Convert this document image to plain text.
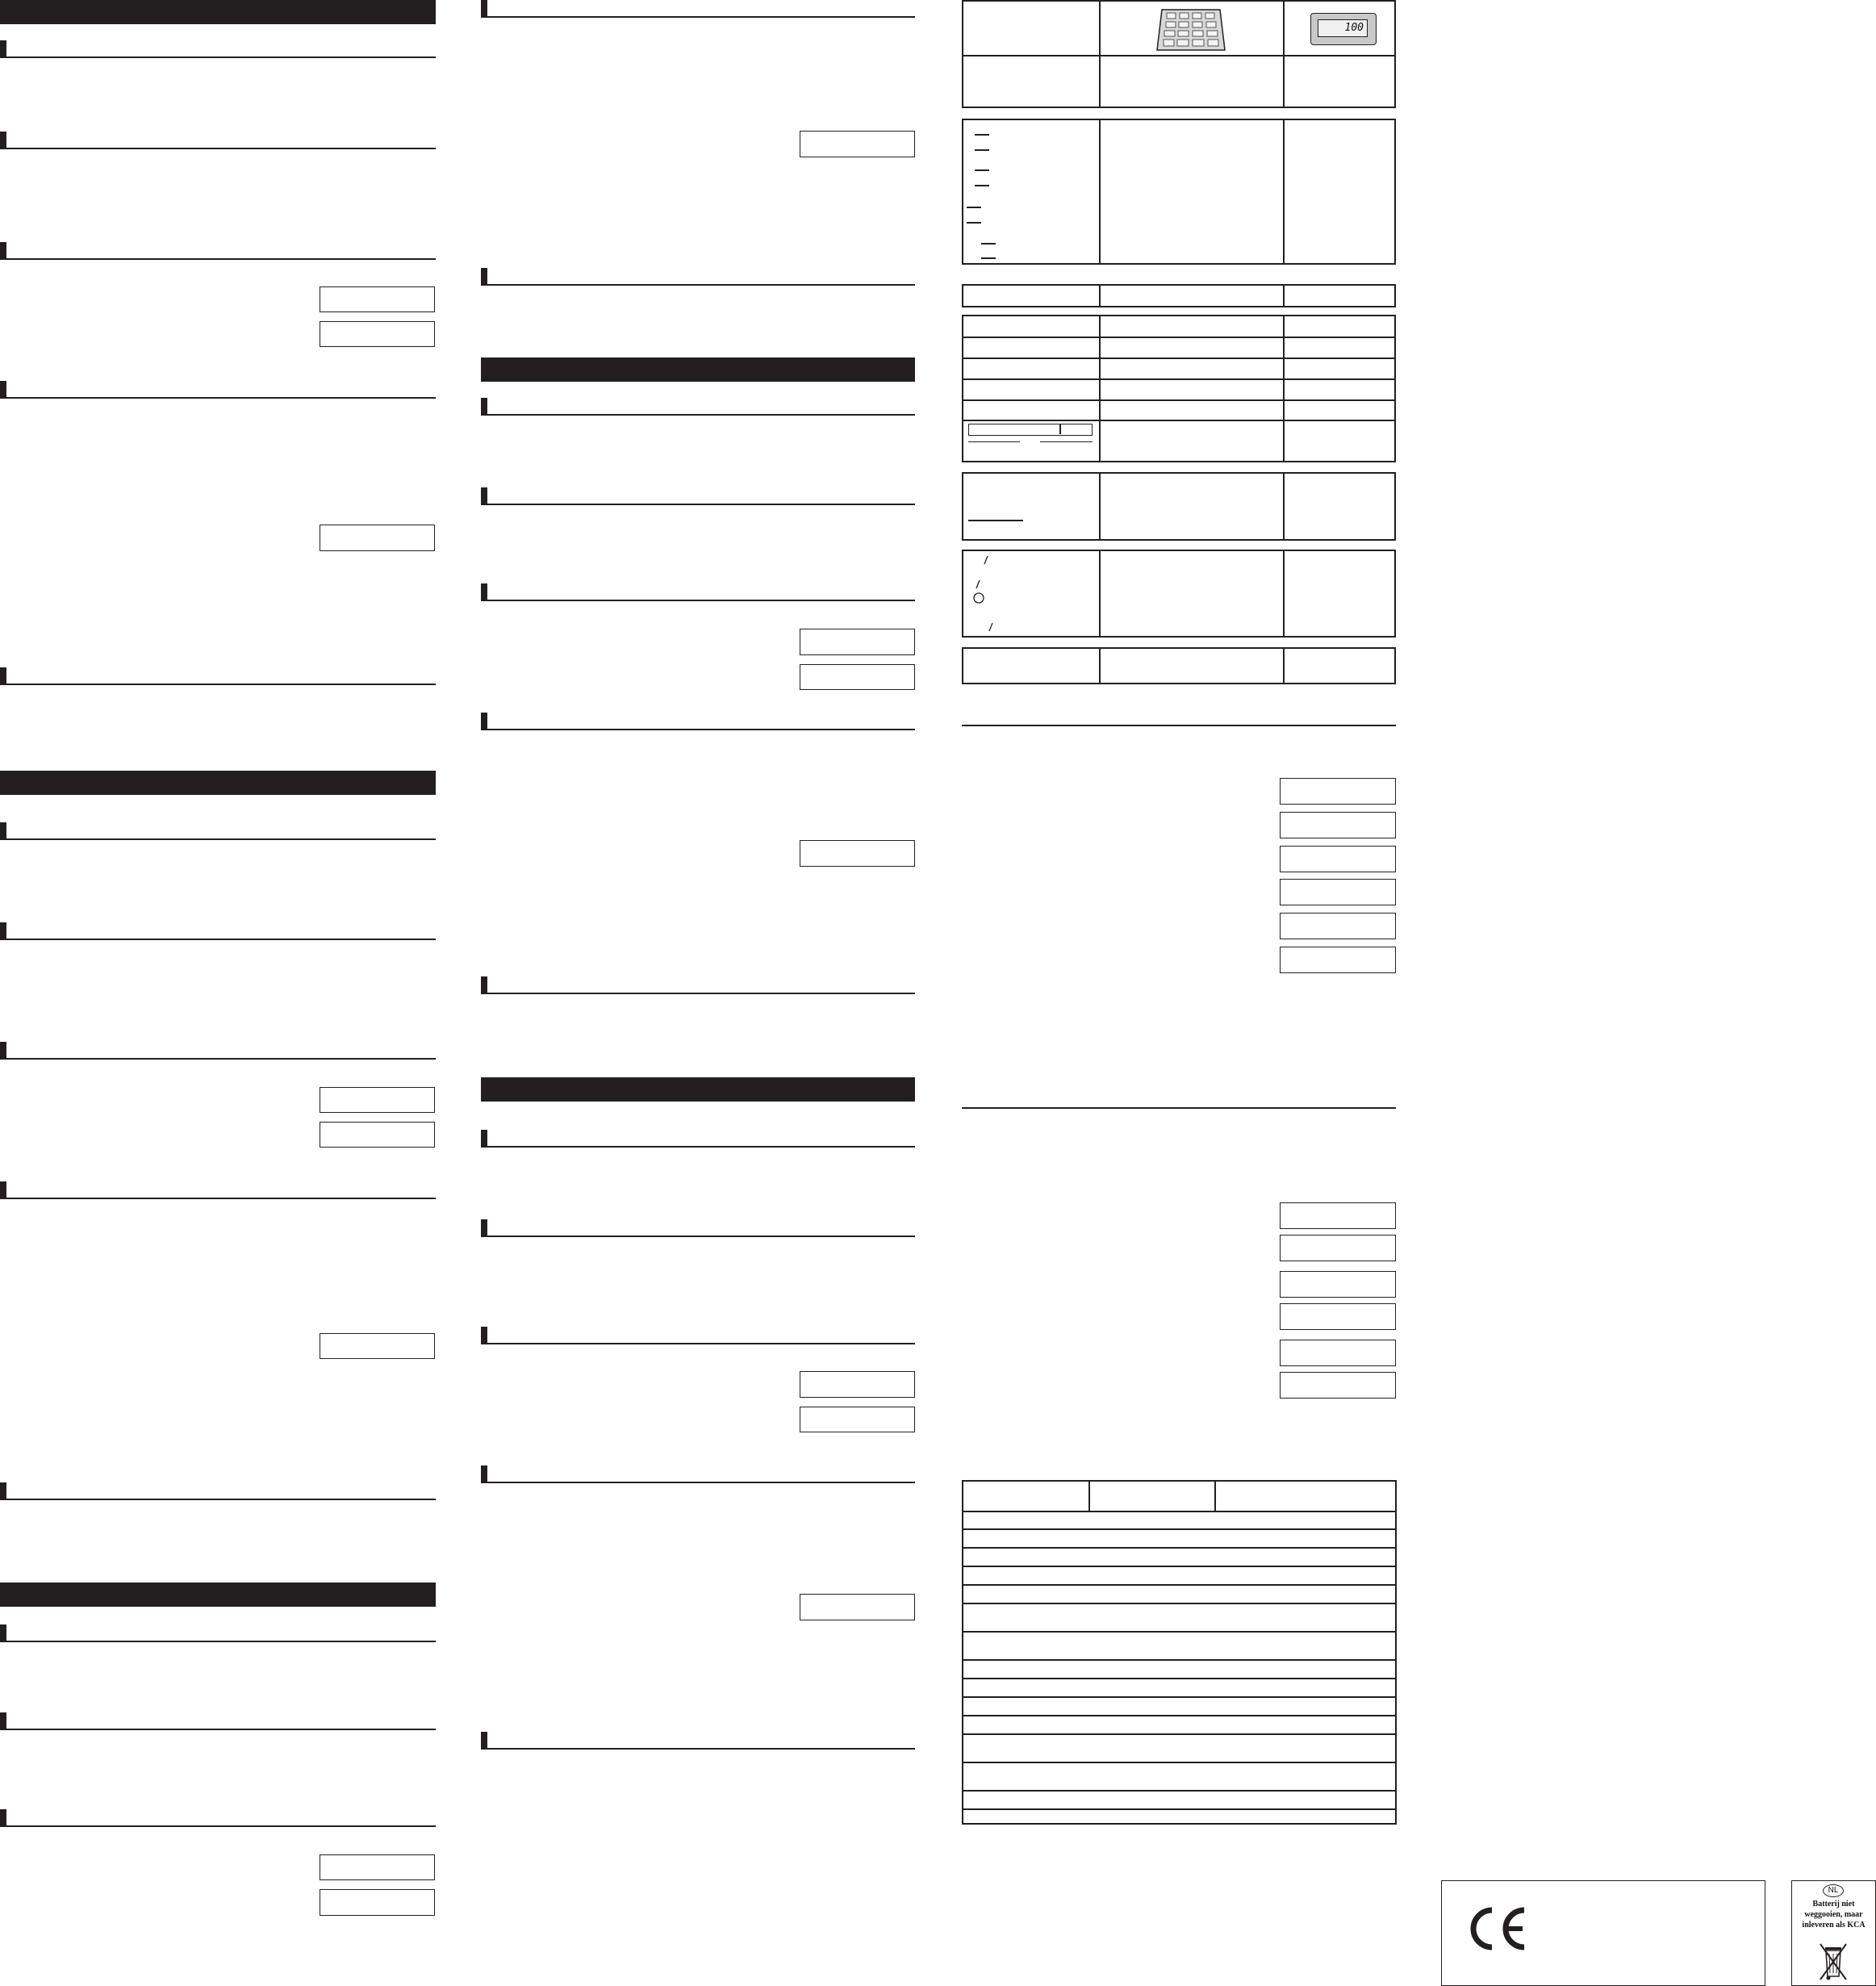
100
NL
Batterij niet weggooien, maar inleveren als KCA
